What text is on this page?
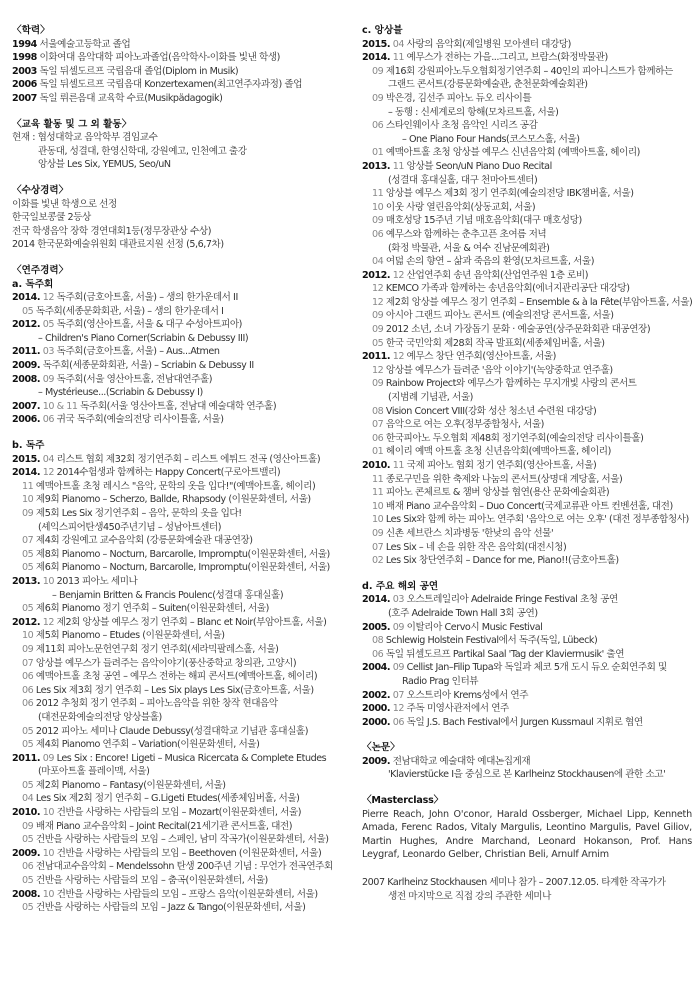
〈학력〉
1994 서울예술고등학교 졸업
1998 이화여대 음악대학 피아노과졸업(음악학사-이화를 빛낸 학생)
2003 독일 뒤셀도르프 국립음대 졸업(Diplom in Musik)
2006 독일 뒤셀도르프 국립음대 Konzertexamen(최고연주자과정) 졸업
2007 독일 뤼른음대 교육학 수료(Musikpädagogik)
〈교육 활동 및 그 외 활동〉
현재 : 협성대학교 음악학부 겸임교수
관동대, 성결대, 한영신학대, 강원예고, 인천예고 출강
앙상블 Les Six, YEMUS, Seo/uN
〈수상경력〉
이화를 빛낸 학생으로 선정
한국일보콩쿨 2등상
전국 학생음악 장학 경연대회1등(정무장관상 수상)
2014 한국문화예술위원회 대관료지원 선정 (5,6,7차)
〈연주경력〉
a. 독주회
2014. 12 독주회(금호아트홀, 서울) – 생의 한가운데서 II
05 독주회(세종문화회관, 서울) – 생의 한가운데서 I
2012. 05 독주회(영산아트홀, 서울 & 대구 수성아트피아)
– Children's Piano Corner(Scriabin & Debussy III)
2011. 03 독주회(금호아트홀, 서울) – Aus...Atmen
2009. 독주회(세종문화회관, 서울) – Scriabin & Debussy II
2008. 09 독주회(서울 영산아트홀, 전남대연주홀)
– Mystérieuse...(Scriabin & Debussy I)
2007. 10 & 11 독주회(서울 영산아트홀, 전남대 예술대학 연주홀)
2006. 06 귀국 독주회(예술의전당 리사이틀홀, 서울)
b. 독주
2015. 04 리스트 협회 제32회 정기연주회 – 리스트 에튀드 전곡 (영산아트홀)
2014. 12 2014수험생과 함께하는 Happy Concert(구로아트밸리)
11 예맥아트홀 초청 레시스 "음악, 문학의 옷을 입다!"(예맥아트홀, 헤이리)
10 제9회 Pianomo – Scherzo, Ballde, Rhapsody (이원문화센터, 서울)
09 제5회 Les Six 정기연주회 – 음악, 문학의 옷을 입다!
(셰익스피어탄생450주년기념 – 성남아트센터)
07 제4회 강원예고 교수음악회 (강릉문화예술관 대공연장)
05 제8회 Pianomo – Nocturn, Barcarolle, Impromptu(이원문화센터, 서울)
05 제6회 Pianomo – Nocturn, Barcarolle, Impromptu(이원문화센터, 서울)
2013. 10 2013 피아노 세미나
– Benjamin Britten & Francis Poulenc(성결대 홍대실홀)
05 제6회 Pianomo 정기 연주회 – Suiten(이원문화센터, 서울)
2012. 12 제2회 앙상블 예무스 정기 연주회 – Blanc et Noir(부암아트홀, 서울)
10 제5회 Pianomo – Etudes (이원문화센터, 서울)
09 제11회 피아노문헌연구회 정기 연주회(세라믹팔레스홀, 서울)
07 앙상블 예무스가 들려주는 음악이야기(풍산중학교 창의관, 고양시)
06 예맥아트홀 초청 공연 – 예무스 전하는 해피 콘서트(예맥아트홀, 헤이리)
06 Les Six 제3회 정기 연주회 – Les Six plays Les Six(금호아트홀, 서울)
06 2012 추청회 정기 연주회 – 피아노음악을 위한 창작 현대음악
(대전문화예술의전당 앙상블홀)
05 2012 피아노 세미나 Claude Debussy(성결대학교 기념관 홍대실홀)
05 제4회 Pianomo 연주회 – Variation(이원문화센터, 서울)
2011. 09 Les Six : Encore! Ligeti – Musica Ricercata & Complete Etudes
(마포아트홀 플레이맥, 서울)
05 제2회 Pianomo – Fantasy(이원문화센터, 서울)
04 Les Six 제2회 정기 연주회 – G.Ligeti Etudes(세종체임버홀, 서울)
2010. 10 건반을 사랑하는 사람들의 모임 – Mozart(이원문화센터, 서울)
09 배재 Piano 교수음악회 – Joint Recital(21세기관 콘서트홀, 대전)
05 건반을 사랑하는 사람들의 모임 – 스페인, 남미 작곡가(이원문화센터, 서울)
2009. 10 건반을 사랑하는 사람들의 모임 – Beethoven (이원문화센터, 서울)
06 전남대교수음악회 – Mendelssohn 탄생 200주년 기념 : 무언가 전곡연주회
05 건반을 사랑하는 사람들의 모임 – 춤곡(이원문화센터, 서울)
2008. 10 건반을 사랑하는 사람들의 모임 – 프랑스 음악(이원문화센터, 서울)
05 건반을 사랑하는 사람들의 모임 – Jazz & Tango(이원문화센터, 서울)
c. 앙상블
2015. 04 사랑의 음악회(제일병원 모아센터 대강당)
2014. 11 예무스가 전하는 가을...그리고, 브람스(화정박물관)
09 제16회 강원피아노두오협회정기연주회 – 40인의 피아니스트가 함께하는
그랜드 콘서트(강릉문화예술관, 춘천문화예술회관)
09 박은경, 김선주 피아노 듀오 리사이틀
– 동행 : 신세계로의 항해(모차르트홀, 서울)
06 스타인웨이사 초청 음악인 시리즈 공감
– One Piano Four Hands(코스모스홀, 서울)
01 예맥아트홀 초청 앙상블 예무스 신년음악회 (예맥아트홀, 헤이리)
2013. 11 앙상블 Seon/uN Piano Duo Recital
(성결대 홍대실홀, 대구 천마아트센터)
11 앙상블 예무스 제3회 정기 연주회(예술의전당 IBK챔버홀, 서울)
10 이웃 사랑 열린음악회(상동교회, 서울)
09 매호성당 15주년 기념 매호음악회(대구 매호성당)
06 예무스와 함께하는 춘추고픈 초여름 저녁
(화정 박물관, 서울 & 여수 진남문예회관)
04 여덟 손의 향연 – 삶과 죽음의 환영(모차르트홀, 서울)
2012. 12 산업연주회 송년 음악회(산업연주원 1층 로비)
12 KEMCO 가족과 함께하는 송년음악회(에너지관리공단 대강당)
12 제2회 앙상블 예무스 정기 연주회 – Ensemble & à la Fête(부암아트홀, 서울)
09 아시아 그랜드 피아노 콘서트 (예술의전당 콘서트홀, 서울)
09 2012 소년, 소녀 가장돕기 문화 · 예술공연(상주문화회관 대공연장)
05 한국 국민악회 제28회 작곡 발표회(세종체임버홀, 서울)
2011. 12 예무스 창단 연주회(영산아트홀, 서울)
12 앙상블 예무스가 들려준 '음악 이야기'(녹양중학교 연주홀)
09 Rainbow Project와 예무스가 함께하는 무지개빛 사랑의 콘서트
(지범례 기념관, 서울)
08 Vision Concert VIII(강화 성산 청소년 수련원 대강당)
07 음악으로 여는 오후(정부중합청사, 서울)
06 한국피아노 두오협회 제48회 정기연주회(예술의전당 리사이틀홀)
01 헤이리 예맥 아트홀 초청 신년음악회(예맥아트홀, 헤이리)
2010. 11 국제 피아노 협회 정기 연주회(영산아트홀, 서울)
11 종로구민을 위한 축제와 나눔의 콘서트(상명대 계당홀, 서울)
11 피아노 콘체르토 & 챔버 앙상블 협연(용산 문화예술회관)
10 배재 Piano 교수음악회 – Duo Concert(국제교류관 아트 컨벤션홀, 대전)
10 Les Six와 함께 하는 피아노 연주회 '음악으로 여는 오후' (대전 정부종합청사)
09 신촌 세브란스 치과병동 '한낮의 음악 선물'
07 Les Six – 네 손을 위한 작은 음악회(대전시청)
02 Les Six 창단연주회 – Dance for me, Piano!!(금호아트홀)
d. 주요 해외 공연
2014. 03 오스트레일리아 Adelraide Fringe Festival 초청 공연
(호주 Adelraide Town Hall 3회 공연)
2005. 09 이탈리아 Cervo시 Music Festival
08 Schlewig Holstein Festival에서 독주(독일, Lübeck)
06 독일 뒤셀도르프 Partikal Saal 'Tag der Klaviermusik' 출연
2004. 09 Cellist Jan–Filip Tupa와 독일과 체코 5개 도시 듀오 순회연주회 및
Radio Prag 인터뷰
2002. 07 오스트리아 Krems성에서 연주
2000. 12 주독 미영사관저에서 연주
2000. 06 독일 J.S. Bach Festival에서 Jurgen Kussmaul 지휘로 협연
〈논문〉
2009. 전남대학교 예술대학 예대논집게재
'Klavierstücke I을 중심으로 본 Karlheinz Stockhausen에 관한 소고'
〈Masterclass〉
Pierre Reach, John O'conor, Harald Ossberger, Michael Lipp, Kenneth Amada, Ferenc Rados, Vitaly Margulis, Leontino Margulis, Pavel Giliov, Martin Hughes, Andre Marchand, Leonard Hokanson, Prof. Hans Leygraf, Leonardo Gelber, Christian Beli, Arnulf Arnim
2007 Karlheinz Stockhausen 세미나 참가 – 2007.12.05. 타계한 작곡가가
생전 마지막으로 직접 강의 주관한 세미나
